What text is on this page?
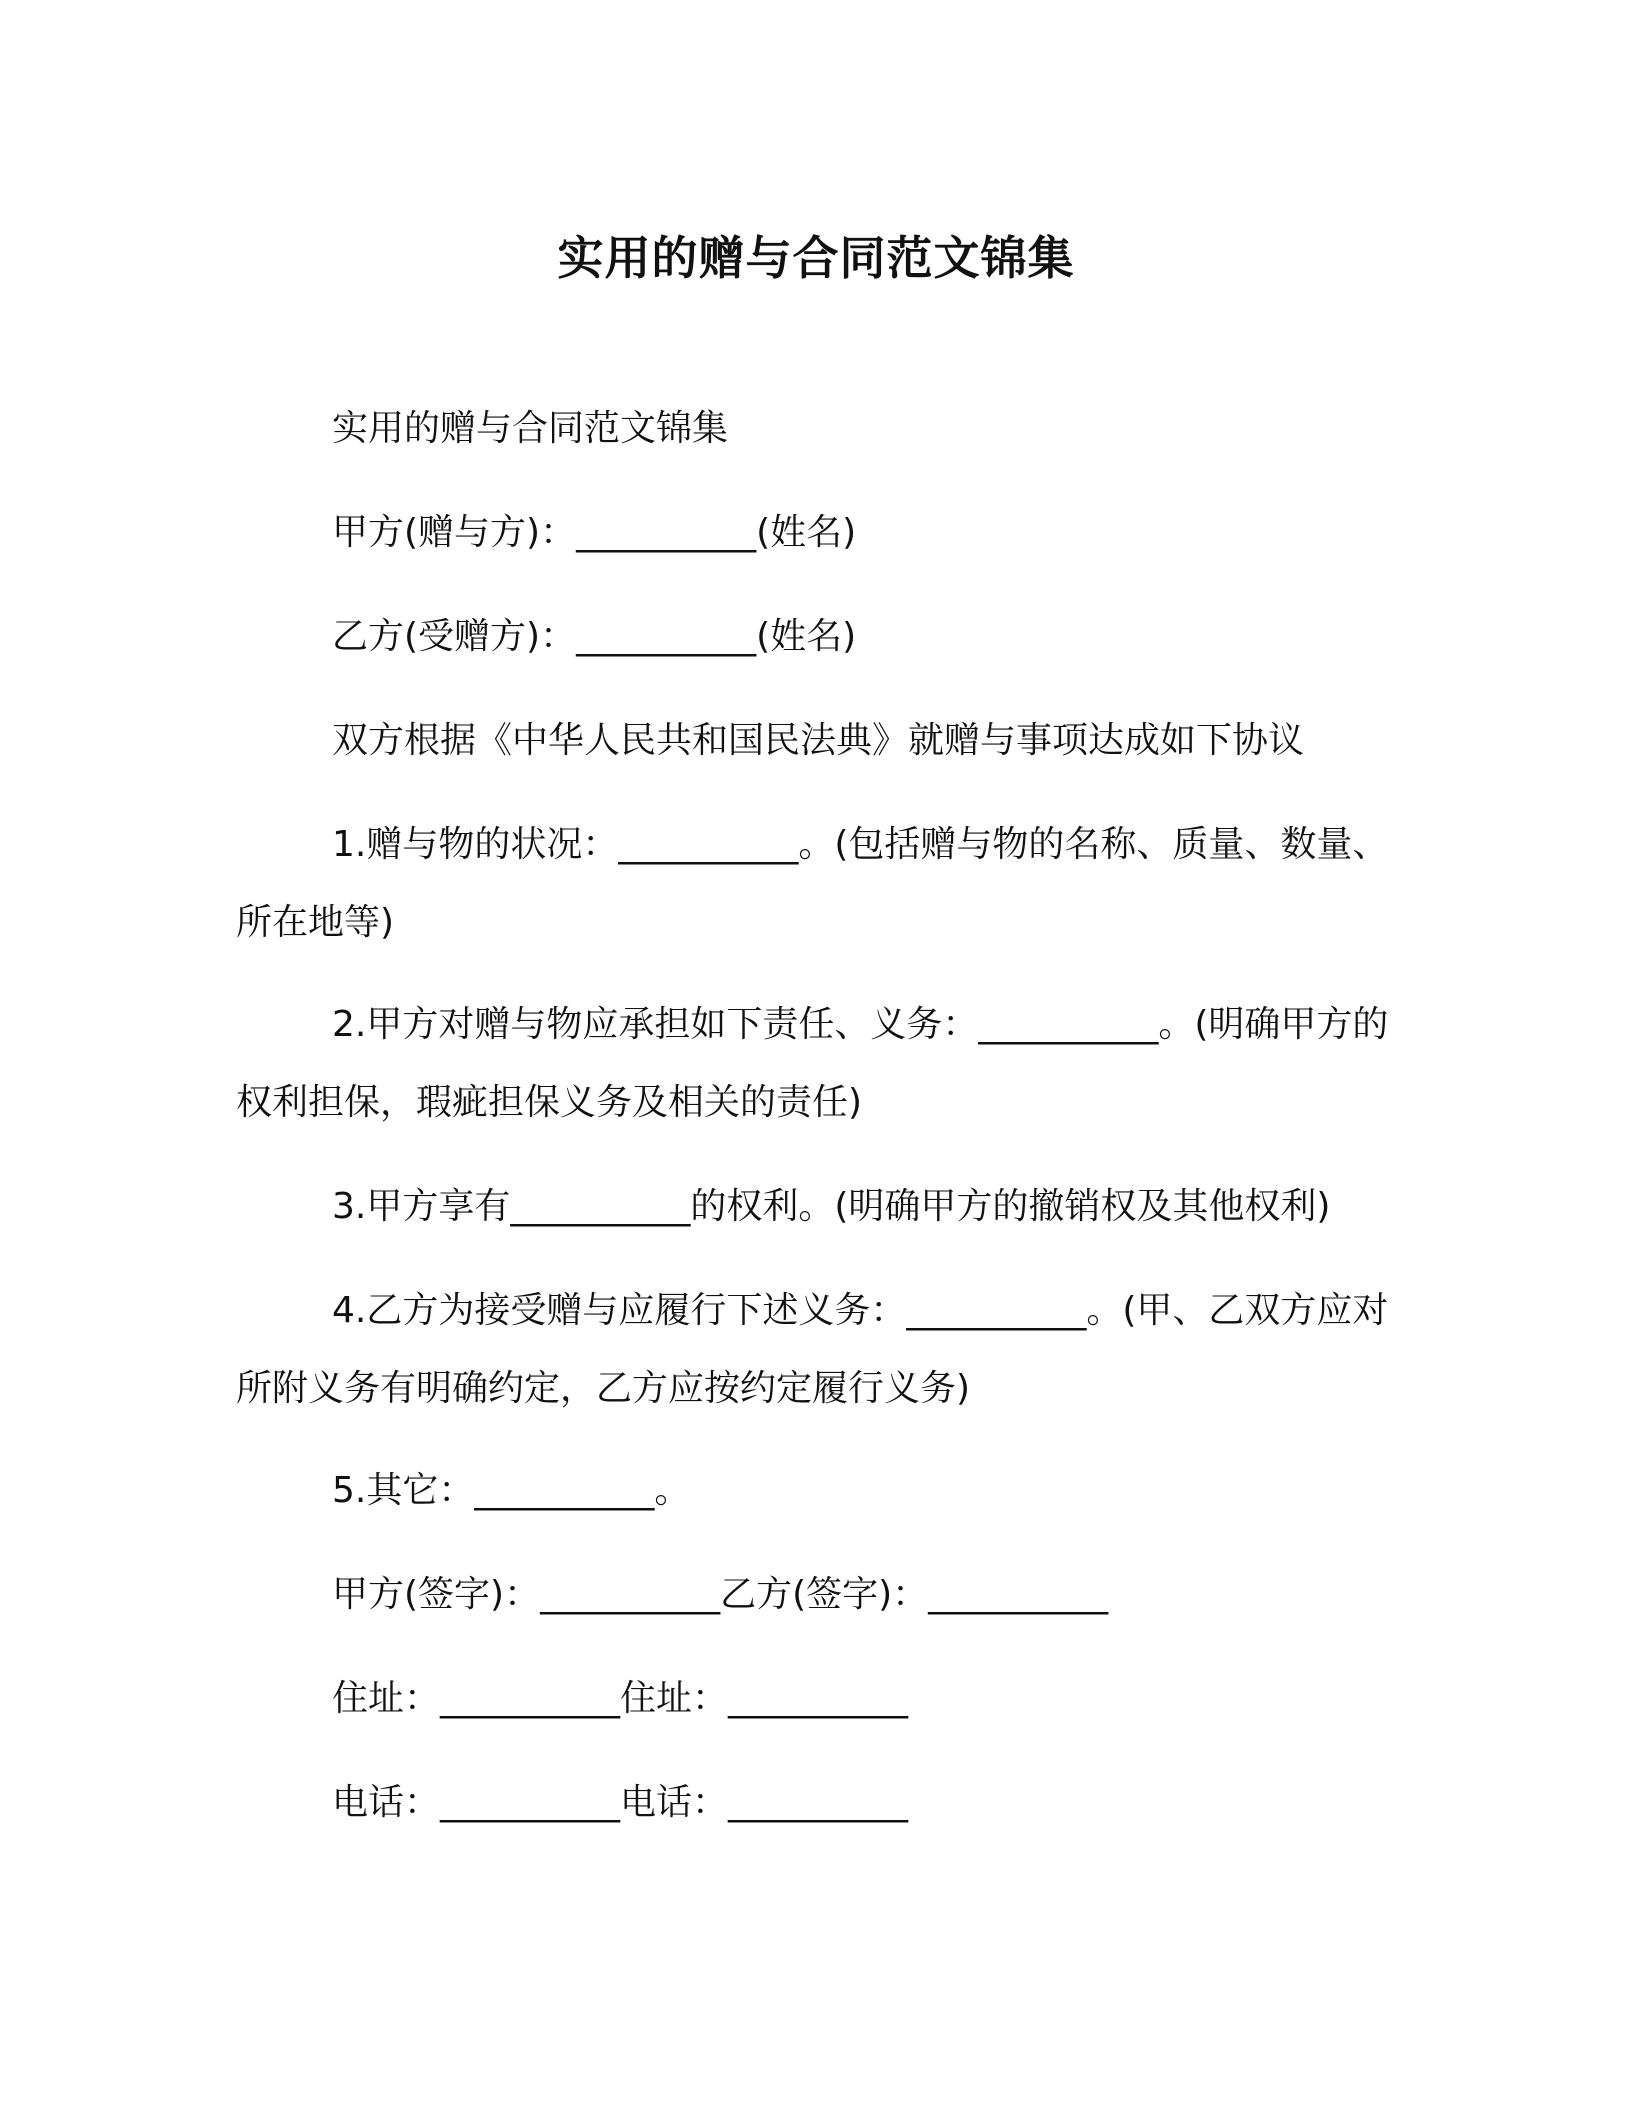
实用的赠与合同范文锦集

实用的赠与合同范文锦集

甲方(赠与方)：__________(姓名)

乙方(受赠方)：__________(姓名)

双方根据《中华人民共和国民法典》就赠与事项达成如下协议

1.赠与物的状况：__________。(包括赠与物的名称、质量、数量、所在地等)

2.甲方对赠与物应承担如下责任、义务：__________。(明确甲方的权利担保，瑕疵担保义务及相关的责任)

3.甲方享有__________的权利。(明确甲方的撤销权及其他权利)

4.乙方为接受赠与应履行下述义务：__________。(甲、乙双方应对所附义务有明确约定，乙方应按约定履行义务)

5.其它：__________。

甲方(签字)：__________乙方(签字)：__________

住址：__________住址：__________

电话：__________电话：__________
